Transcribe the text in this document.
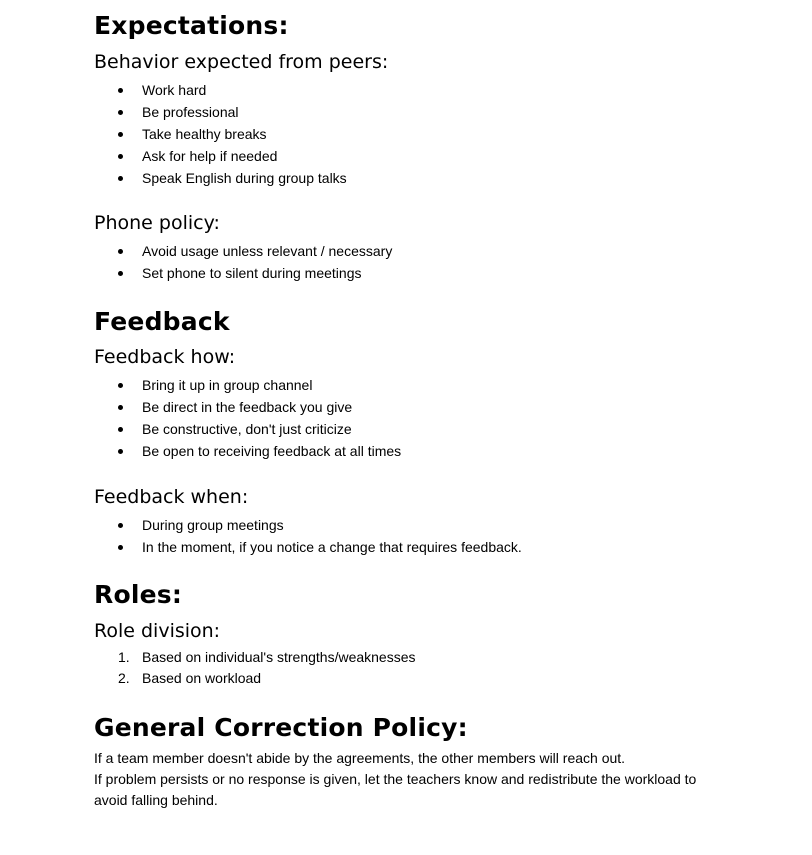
Expectations:
Behavior expected from peers:
Work hard
Be professional
Take healthy breaks
Ask for help if needed
Speak English during group talks
Phone policy:
Avoid usage unless relevant / necessary
Set phone to silent during meetings
Feedback
Feedback how:
Bring it up in group channel
Be direct in the feedback you give
Be constructive, don't just criticize
Be open to receiving feedback at all times
Feedback when:
During group meetings
In the moment, if you notice a change that requires feedback.
Roles:
Role division:
1. Based on individual's strengths/weaknesses
2. Based on workload
General Correction Policy:

If a team member doesn't abide by the agreements, the other members will reach out.

If problem persists or no response is given, let the teachers know and redistribute the workload to avoid falling behind.
